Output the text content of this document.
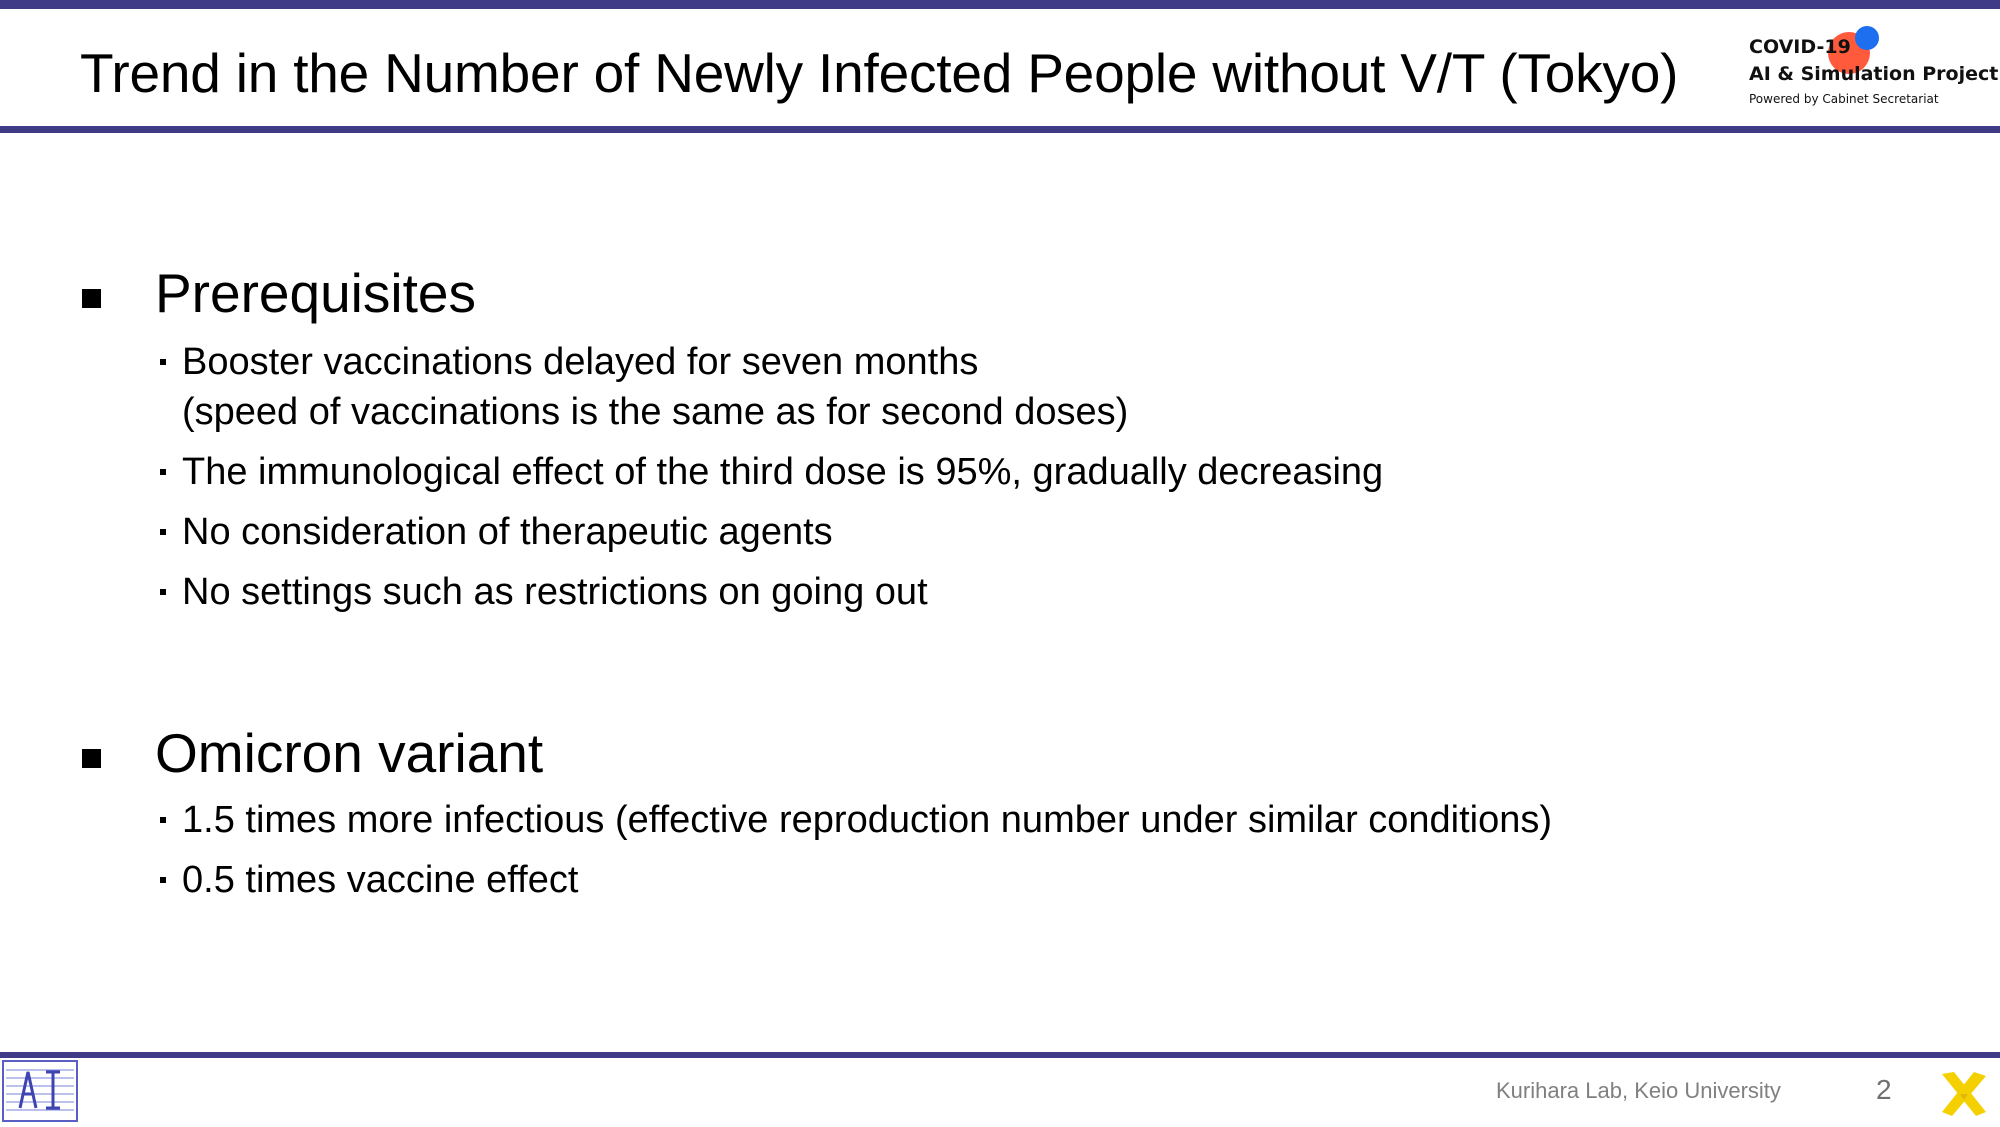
Trend in the Number of Newly Infected People without V/T (Tokyo)	COVID-19
AI & Simulation Project
Powered by Cabinet Secretariat
Prerequisites
Booster vaccinations delayed for seven months
(speed of vaccinations is the same as for second doses)
The immunological effect of the third dose is 95%, gradually decreasing
No consideration of therapeutic agents
No settings such as restrictions on going out
Omicron variant
1.5 times more infectious (effective reproduction number under similar conditions)
0.5 times vaccine effect
Kurihara Lab, Keio University	2
